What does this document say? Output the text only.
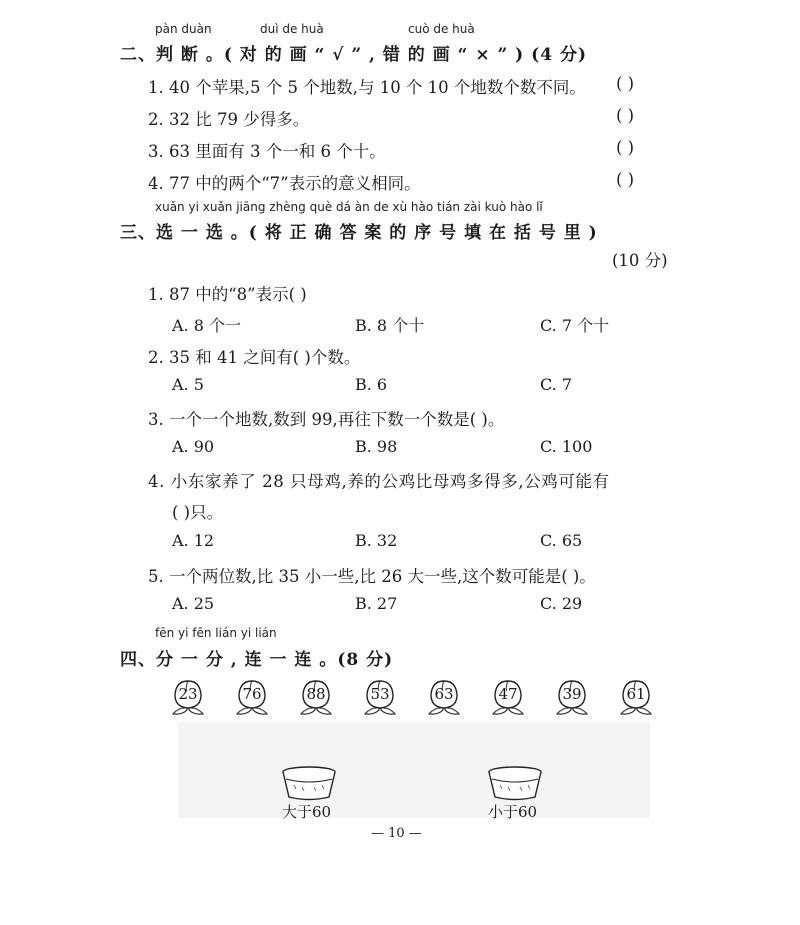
pàn duàn	duì de huà	cuò de huà
二、判 断 。( 对 的 画 “ √ ” , 错 的 画 “ × ” ) (4 分)
1. 40 个苹果,5 个 5 个地数,与 10 个 10 个地数个数不同。 ( )
2. 32 比 79 少得多。	( )
3. 63 里面有 3 个一和 6 个十。	( )
4. 77 中的两个“7”表示的意义相同。	( )
xuǎn yi xuǎn jiāng zhèng què dá àn de xù hào tián zài kuò hào lǐ
三、选 一 选 。( 将 正 确 答 案 的 序 号 填 在 括 号 里 )
(10 分)
1. 87 中的“8”表示( )
A. 8 个一	B. 8 个十	C. 7 个十
2. 35 和 41 之间有( )个数。
A. 5	B. 6	C. 7
3. 一个一个地数,数到 99,再往下数一个数是( )。
A. 90	B. 98	C. 100
4. 小东家养了 28 只母鸡,养的公鸡比母鸡多得多,公鸡可能有
( )只。
A. 12	B. 32	C. 65
5. 一个两位数,比 35 小一些,比 26 大一些,这个数可能是( )。
A. 25	B. 27	C. 29
fēn yi fēn lián yi lián
四、分 一 分 , 连 一 连 。(8 分)
23	76	88	53	63	47	39	61
大于60	小于60
— 10 —
